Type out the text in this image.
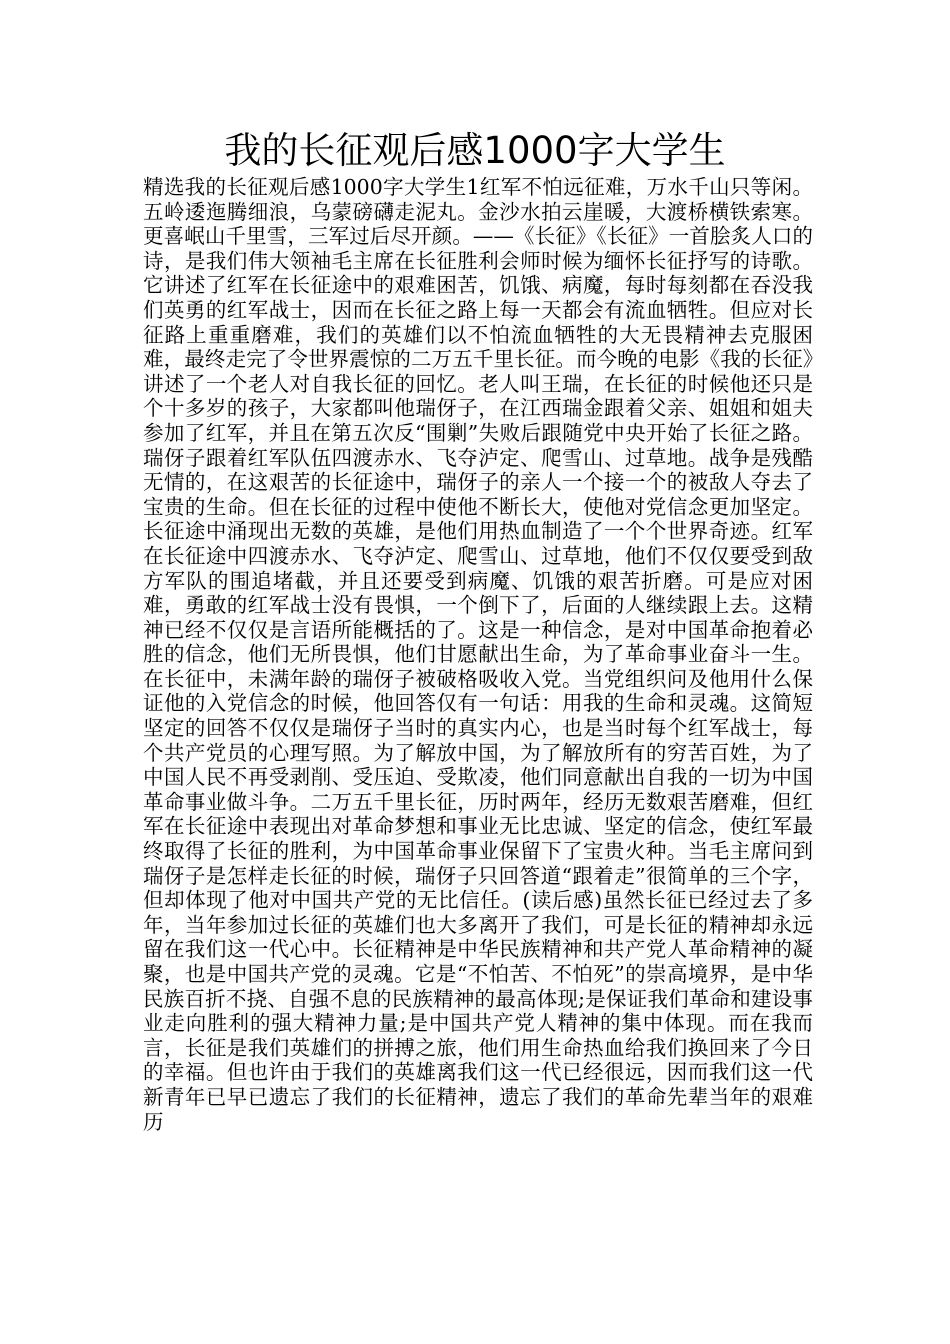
我的长征观后感1000字大学生

精选我的长征观后感1000字大学生1红军不怕远征难，万水千山只等闲。五岭逶迤腾细浪，乌蒙磅礴走泥丸。金沙水拍云崖暖，大渡桥横铁索寒。更喜岷山千里雪，三军过后尽开颜。——《长征》《长征》一首脍炙人口的诗，是我们伟大领袖毛主席在长征胜利会师时候为缅怀长征抒写的诗歌。它讲述了红军在长征途中的艰难困苦，饥饿、病魔，每时每刻都在吞没我们英勇的红军战士，因而在长征之路上每一天都会有流血牺牲。但应对长征路上重重磨难，我们的英雄们以不怕流血牺牲的大无畏精神去克服困难，最终走完了令世界震惊的二万五千里长征。而今晚的电影《我的长征》讲述了一个老人对自我长征的回忆。老人叫王瑞，在长征的时候他还只是个十多岁的孩子，大家都叫他瑞伢子，在江西瑞金跟着父亲、姐姐和姐夫参加了红军，并且在第五次反“围剿”失败后跟随党中央开始了长征之路。瑞伢子跟着红军队伍四渡赤水、飞夺泸定、爬雪山、过草地。战争是残酷无情的，在这艰苦的长征途中，瑞伢子的亲人一个接一个的被敌人夺去了宝贵的生命。但在长征的过程中使他不断长大，使他对党信念更加坚定。长征途中涌现出无数的英雄，是他们用热血制造了一个个世界奇迹。红军在长征途中四渡赤水、飞夺泸定、爬雪山、过草地，他们不仅仅要受到敌方军队的围追堵截，并且还要受到病魔、饥饿的艰苦折磨。可是应对困难，勇敢的红军战士没有畏惧，一个倒下了，后面的人继续跟上去。这精神已经不仅仅是言语所能概括的了。这是一种信念，是对中国革命抱着必胜的信念，他们无所畏惧，他们甘愿献出生命，为了革命事业奋斗一生。在长征中，未满年龄的瑞伢子被破格吸收入党。当党组织问及他用什么保证他的入党信念的时候，他回答仅有一句话：用我的生命和灵魂。这简短坚定的回答不仅仅是瑞伢子当时的真实内心，也是当时每个红军战士，每个共产党员的心理写照。为了解放中国，为了解放所有的穷苦百姓，为了中国人民不再受剥削、受压迫、受欺凌，他们同意献出自我的一切为中国革命事业做斗争。二万五千里长征，历时两年，经历无数艰苦磨难，但红军在长征途中表现出对革命梦想和事业无比忠诚、坚定的信念，使红军最终取得了长征的胜利，为中国革命事业保留下了宝贵火种。当毛主席问到瑞伢子是怎样走长征的时候，瑞伢子只回答道“跟着走”很简单的三个字，但却体现了他对中国共产党的无比信任。(读后感)虽然长征已经过去了多年，当年参加过长征的英雄们也大多离开了我们，可是长征的精神却永远留在我们这一代心中。长征精神是中华民族精神和共产党人革命精神的凝聚，也是中国共产党的灵魂。它是“不怕苦、不怕死”的崇高境界，是中华民族百折不挠、自强不息的民族精神的最高体现;是保证我们革命和建设事业走向胜利的强大精神力量;是中国共产党人精神的集中体现。而在我而言，长征是我们英雄们的拼搏之旅，他们用生命热血给我们换回来了今日的幸福。但也许由于我们的英雄离我们这一代已经很远，因而我们这一代新青年已早已遗忘了我们的长征精神，遗忘了我们的革命先辈当年的艰难历
